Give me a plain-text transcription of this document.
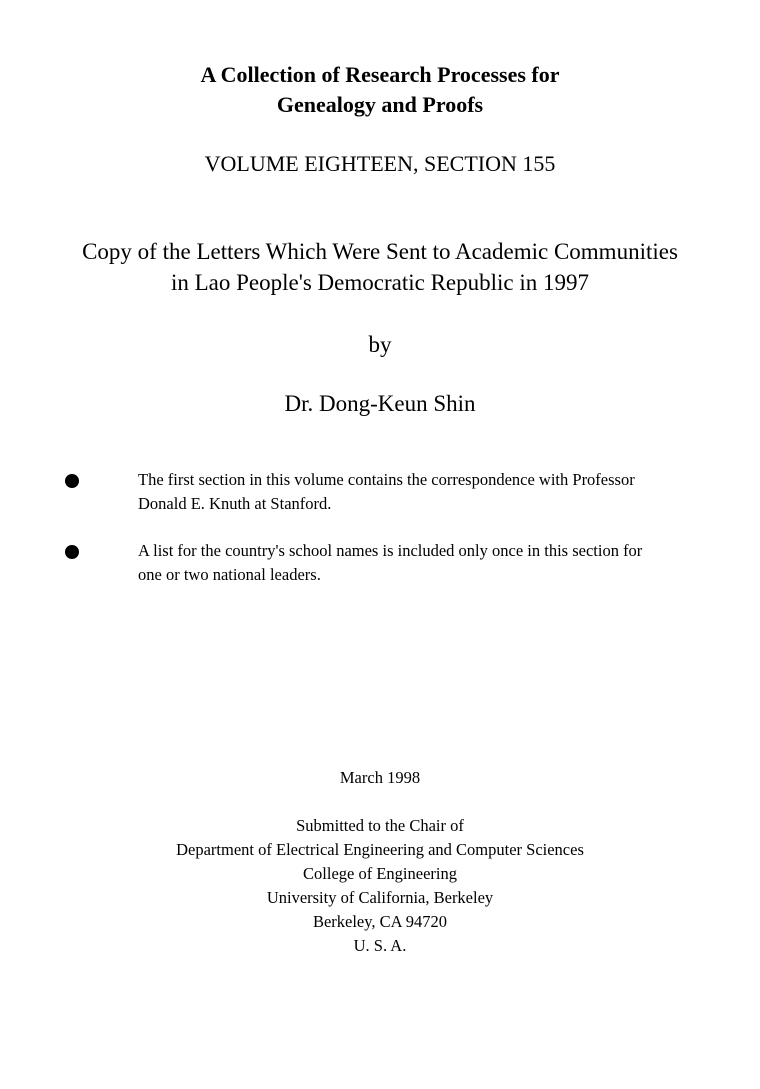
A Collection of Research Processes for
Genealogy and Proofs
VOLUME EIGHTEEN, SECTION 155
Copy of the Letters Which Were Sent to Academic Communities
in Lao People's Democratic Republic in 1997
by
Dr. Dong-Keun Shin
The first section in this volume contains the correspondence with Professor
Donald E. Knuth at Stanford.
A list for the country's school names is included only once in this section for
one or two national leaders.
March 1998
Submitted to the Chair of
Department of Electrical Engineering and Computer Sciences
College of Engineering
University of California, Berkeley
Berkeley, CA 94720
U. S. A.
